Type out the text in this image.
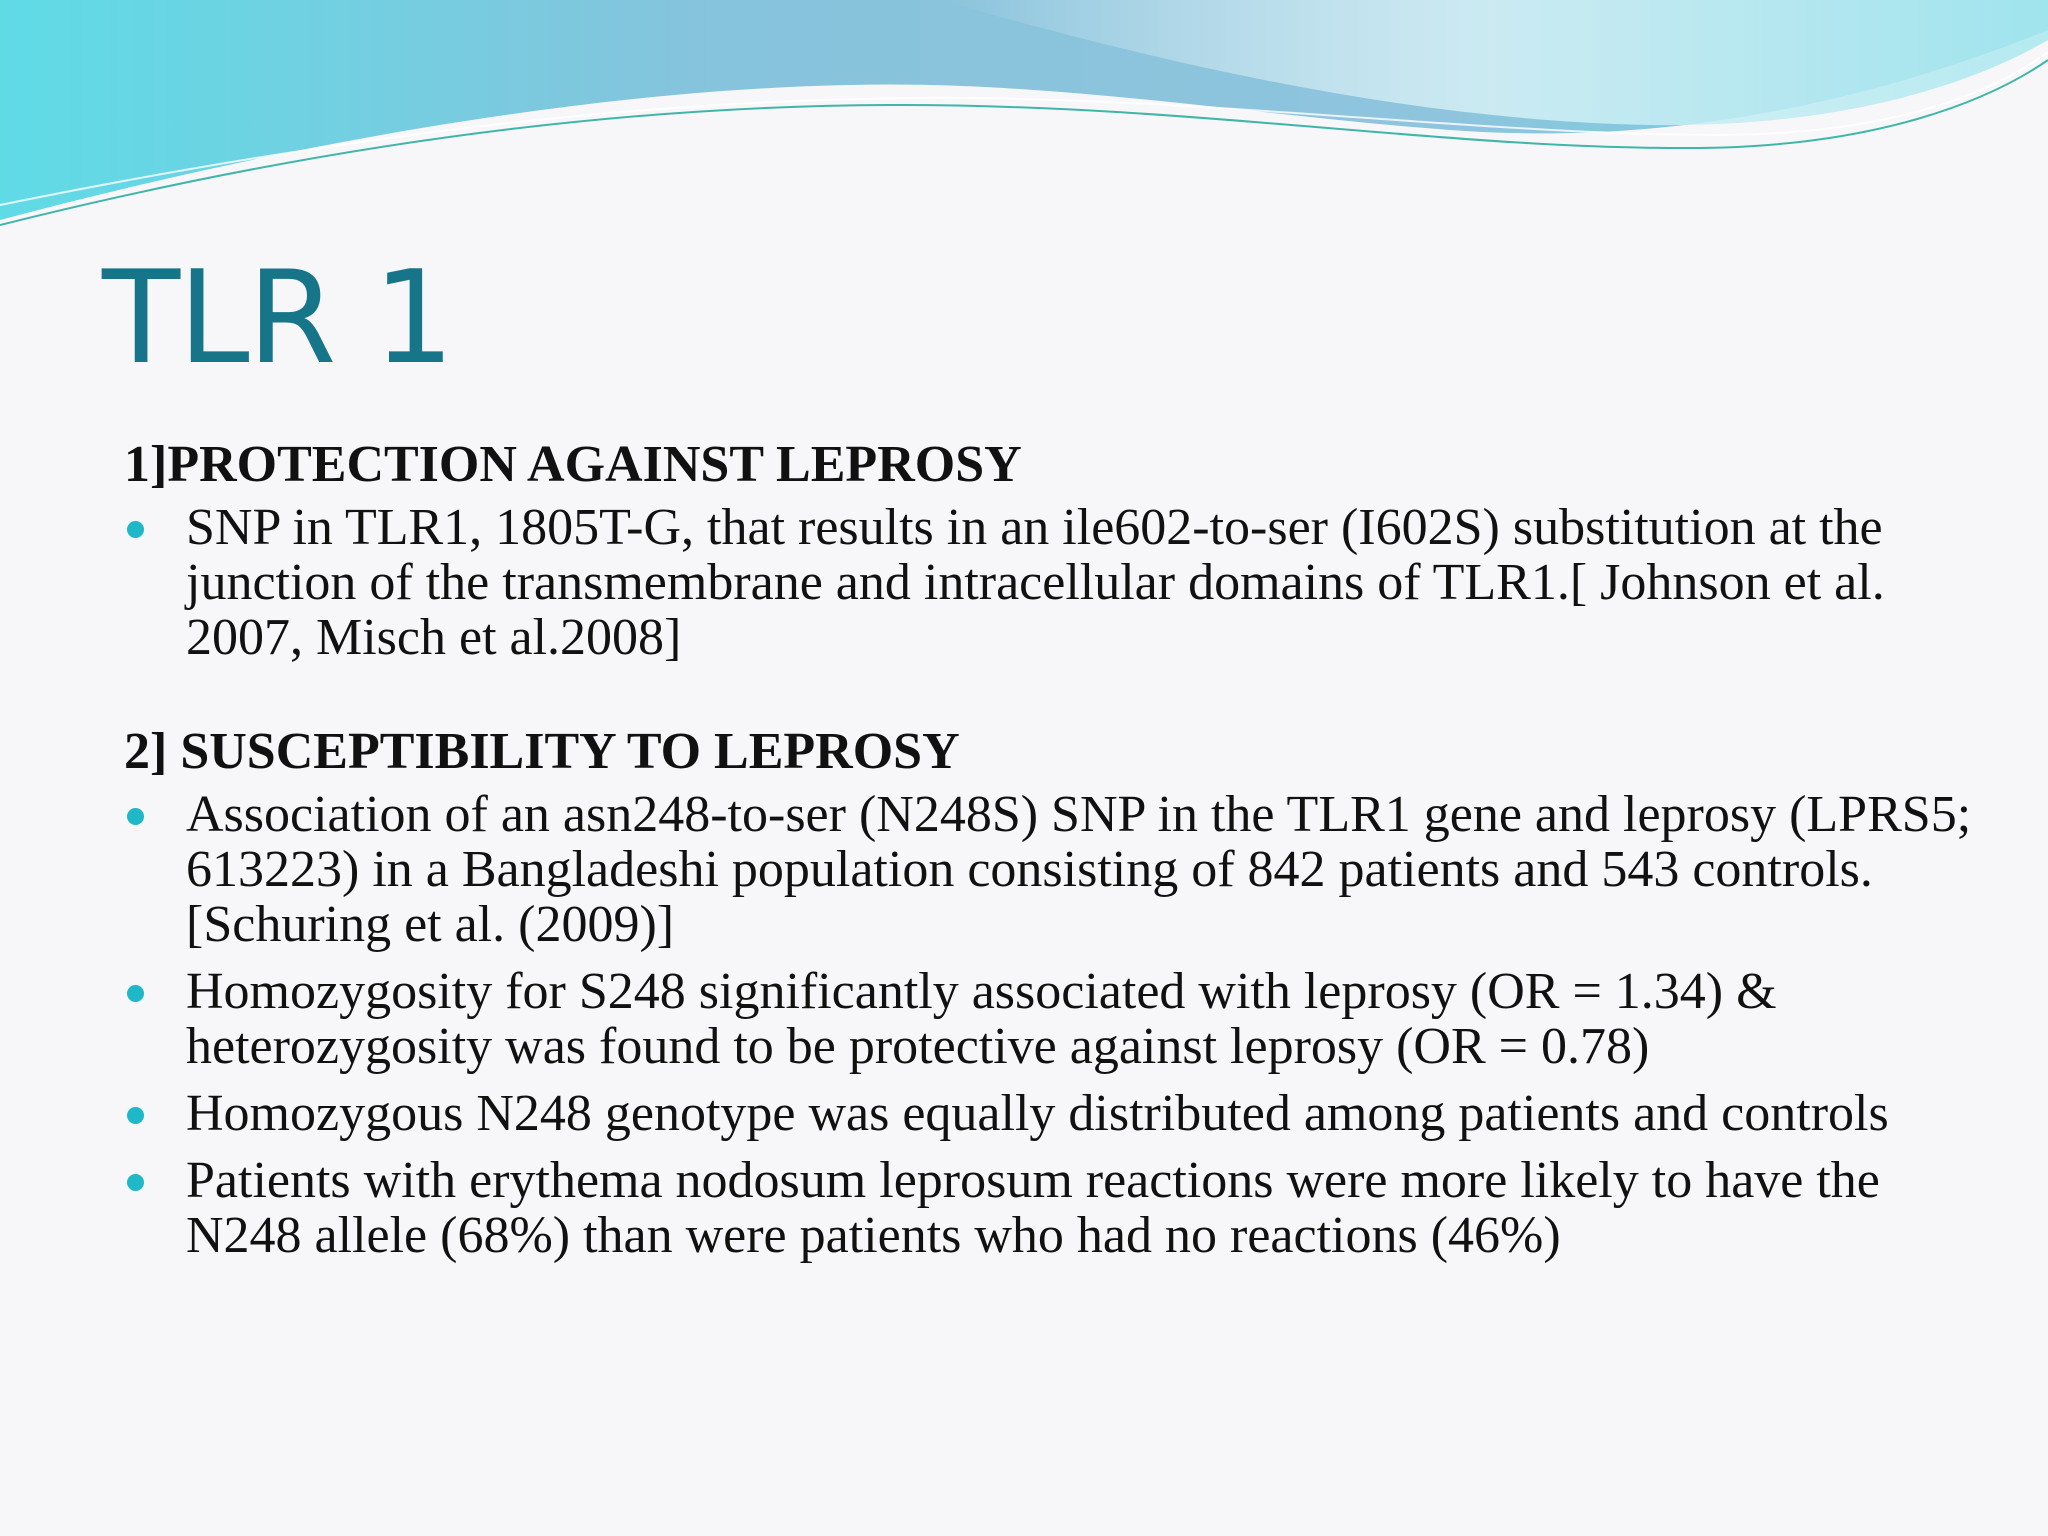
TLR 1

1]PROTECTION AGAINST LEPROSY

SNP in TLR1, 1805T-G, that results in an ile602-to-ser (I602S) substitution at the junction of the transmembrane and intracellular domains of TLR1.[ Johnson et al. 2007, Misch et al.2008]

2] SUSCEPTIBILITY TO LEPROSY

Association of an asn248-to-ser (N248S) SNP in the TLR1 gene and leprosy (LPRS5; 613223) in a Bangladeshi population consisting of 842 patients and 543 controls.[Schuring et al. (2009)]
Homozygosity for S248 significantly associated with leprosy (OR = 1.34) & heterozygosity was found to be protective against leprosy (OR = 0.78)
Homozygous N248 genotype was equally distributed among patients and controls
Patients with erythema nodosum leprosum reactions were more likely to have the N248 allele (68%) than were patients who had no reactions (46%)
